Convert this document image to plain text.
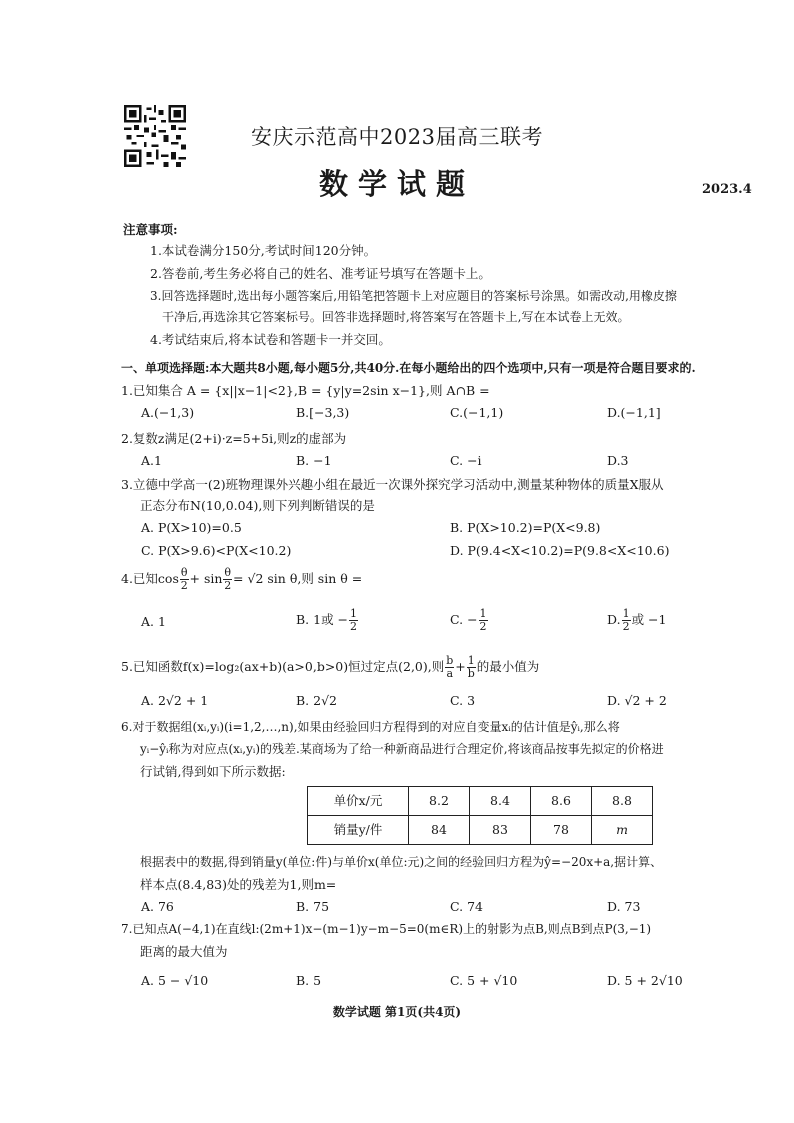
安庆示范高中2023届高三联考
数学试题	2023.4
注意事项:
1.本试卷满分150分,考试时间120分钟。
2.答卷前,考生务必将自己的姓名、准考证号填写在答题卡上。
3.回答选择题时,选出每小题答案后,用铅笔把答题卡上对应题目的答案标号涂黑。如需改动,用橡皮擦
干净后,再选涂其它答案标号。回答非选择题时,将答案写在答题卡上,写在本试卷上无效。
4.考试结束后,将本试卷和答题卡一并交回。
一、单项选择题:本大题共8小题,每小题5分,共40分.在每小题给出的四个选项中,只有一项是符合题目要求的.
1.已知集合 A = {x||x−1|<2},B = {y|y=2sin x−1},则 A∩B =
A.(−1,3)	B.[−3,3)	C.(−1,1)	D.(−1,1]
2.复数z满足(2+i)·z=5+5i,则z的虚部为
A.1	B. −1	C. −i	D.3
3.立德中学高一(2)班物理课外兴趣小组在最近一次课外探究学习活动中,测量某种物体的质量X服从
正态分布N(10,0.04),则下列判断错误的是
A. P(X>10)=0.5	B. P(X>10.2)=P(X<9.8)
C. P(X>9.6)<P(X<10.2)	D. P(9.4<X<10.2)=P(9.8<X<10.6)
4.已知$\cos \frac{\theta}{2} + \sin \frac{\theta}{2} = √2$ sin θ,则 sin θ =
A. 1	B. 1或 − $\frac{1}{2}$	C. − $\frac{1}{2}$	D. $\frac{1}{2}$ 或 −1
5.已知函数f(x)=log₂(ax+b)(a>0,b>0)恒过定点(2,0),则 $\frac{b}{a} + \frac{1}{b}$ 的最小值为
A. 2√2 + 1	B. 2√2	C. 3	D. √2 + 2
6.对于数据组(xᵢ,yᵢ)(i=1,2,…,n),如果由经验回归方程得到的对应自变量xᵢ的估计值是ŷᵢ,那么将
yᵢ−ŷᵢ称为对应点(xᵢ,yᵢ)的残差.某商场为了给一种新商品进行合理定价,将该商品按事先拟定的价格进
行试销,得到如下所示数据:
单价x/元	8.2	8.4	8.6	8.8
销量y/件	84	83	78	m
根据表中的数据,得到销量y(单位:件)与单价x(单位:元)之间的经验回归方程为ŷ=−20x+a,据计算、
样本点(8.4,83)处的残差为1,则m=
A. 76	B. 75	C. 74	D. 73
7.已知点A(−4,1)在直线l:(2m+1)x−(m−1)y−m−5=0(m∈R)上的射影为点B,则点B到点P(3,−1)
距离的最大值为
A. 5 − √10	B. 5	C. 5 + √10	D. 5 + 2√10
数学试题 第1页(共4页)
